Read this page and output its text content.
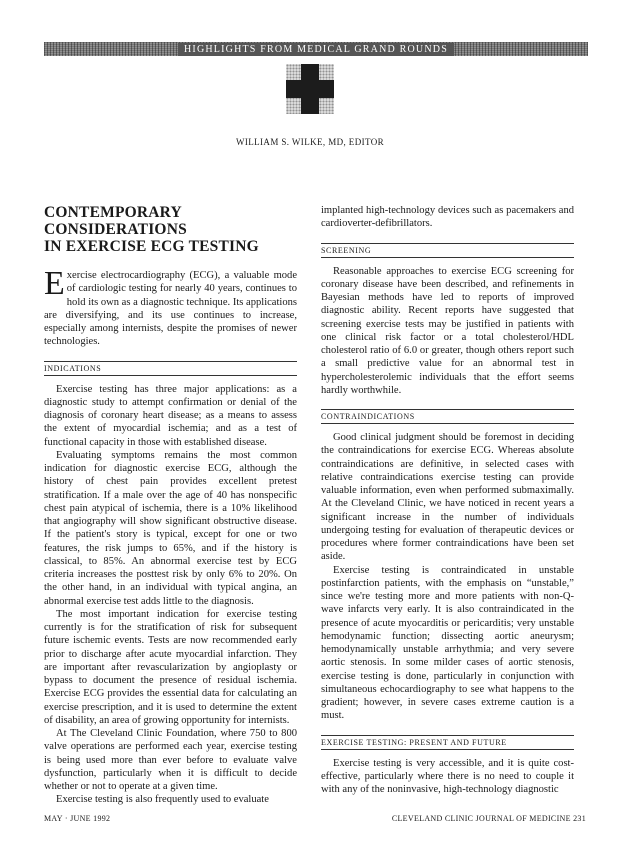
HIGHLIGHTS FROM MEDICAL GRAND ROUNDS
WILLIAM S. WILKE, MD, EDITOR
CONTEMPORARY CONSIDERATIONS
IN EXERCISE ECG TESTING

Exercise electrocardiography (ECG), a valuable mode of cardiologic testing for nearly 40 years, continues to hold its own as a diagnostic technique. Its applications are diversifying, and its use continues to increase, especially among internists, despite the promises of newer technologies.

INDICATIONS

Exercise testing has three major applications: as a diagnostic study to attempt confirmation or denial of the diagnosis of coronary heart disease; as a means to assess the extent of myocardial ischemia; and as a test of functional capacity in those with established disease.

Evaluating symptoms remains the most common indication for diagnostic exercise ECG, although the history of chest pain provides excellent pretest stratification. If a male over the age of 40 has nonspecific chest pain atypical of ischemia, there is a 10% likelihood that angiography will show significant obstructive disease. If the patient's story is typical, except for one or two features, the risk jumps to 65%, and if the history is classical, to 85%. An abnormal exercise test by ECG criteria increases the posttest risk by only 6% to 20%. On the other hand, in an individual with typical angina, an abnormal exercise test adds little to the diagnosis.

The most important indication for exercise testing currently is for the stratification of risk for subsequent future ischemic events. Tests are now recommended early prior to discharge after acute myocardial infarction. They are important after revascularization by angioplasty or bypass to document the presence of residual ischemia. Exercise ECG provides the essential data for calculating an exercise prescription, and it is used to determine the extent of disability, an area of growing opportunity for internists.

At The Cleveland Clinic Foundation, where 750 to 800 valve operations are performed each year, exercise testing is being used more than ever before to evaluate valve dysfunction, particularly when it is difficult to decide whether or not to operate at a given time.

Exercise testing is also frequently used to evaluate

implanted high-technology devices such as pacemakers and cardioverter-defibrillators.

SCREENING

Reasonable approaches to exercise ECG screening for coronary disease have been described, and refinements in Bayesian methods have led to reports of improved diagnostic ability. Recent reports have suggested that screening exercise tests may be justified in patients with one clinical risk factor or a total cholesterol/HDL cholesterol ratio of 6.0 or greater, though others report such a small predictive value for an abnormal test in hypercholesterolemic individuals that the effort seems hardly worthwhile.

CONTRAINDICATIONS

Good clinical judgment should be foremost in deciding the contraindications for exercise ECG. Whereas absolute contraindications are definitive, in selected cases with relative contraindications exercise testing can provide valuable information, even when performed submaximally. At the Cleveland Clinic, we have noticed in recent years a significant increase in the number of individuals undergoing testing for evaluation of therapeutic devices or procedures where former contraindications have been set aside.

Exercise testing is contraindicated in unstable postinfarction patients, with the emphasis on “unstable,” since we're testing more and more patients with non-Q-wave infarcts very early. It is also contraindicated in the presence of acute myocarditis or pericarditis; very unstable hemodynamic function; dissecting aortic aneurysm; hemodynamically unstable arrhythmia; and very severe aortic stenosis. In some milder cases of aortic stenosis, exercise testing is done, particularly in conjunction with simultaneous echocardiography to see what happens to the gradient; however, in severe cases extreme caution is a must.

EXERCISE TESTING: PRESENT AND FUTURE

Exercise testing is very accessible, and it is quite cost-effective, particularly where there is no need to couple it with any of the noninvasive, high-technology diagnostic

MAY · JUNE 1992	CLEVELAND CLINIC JOURNAL OF MEDICINE 231
